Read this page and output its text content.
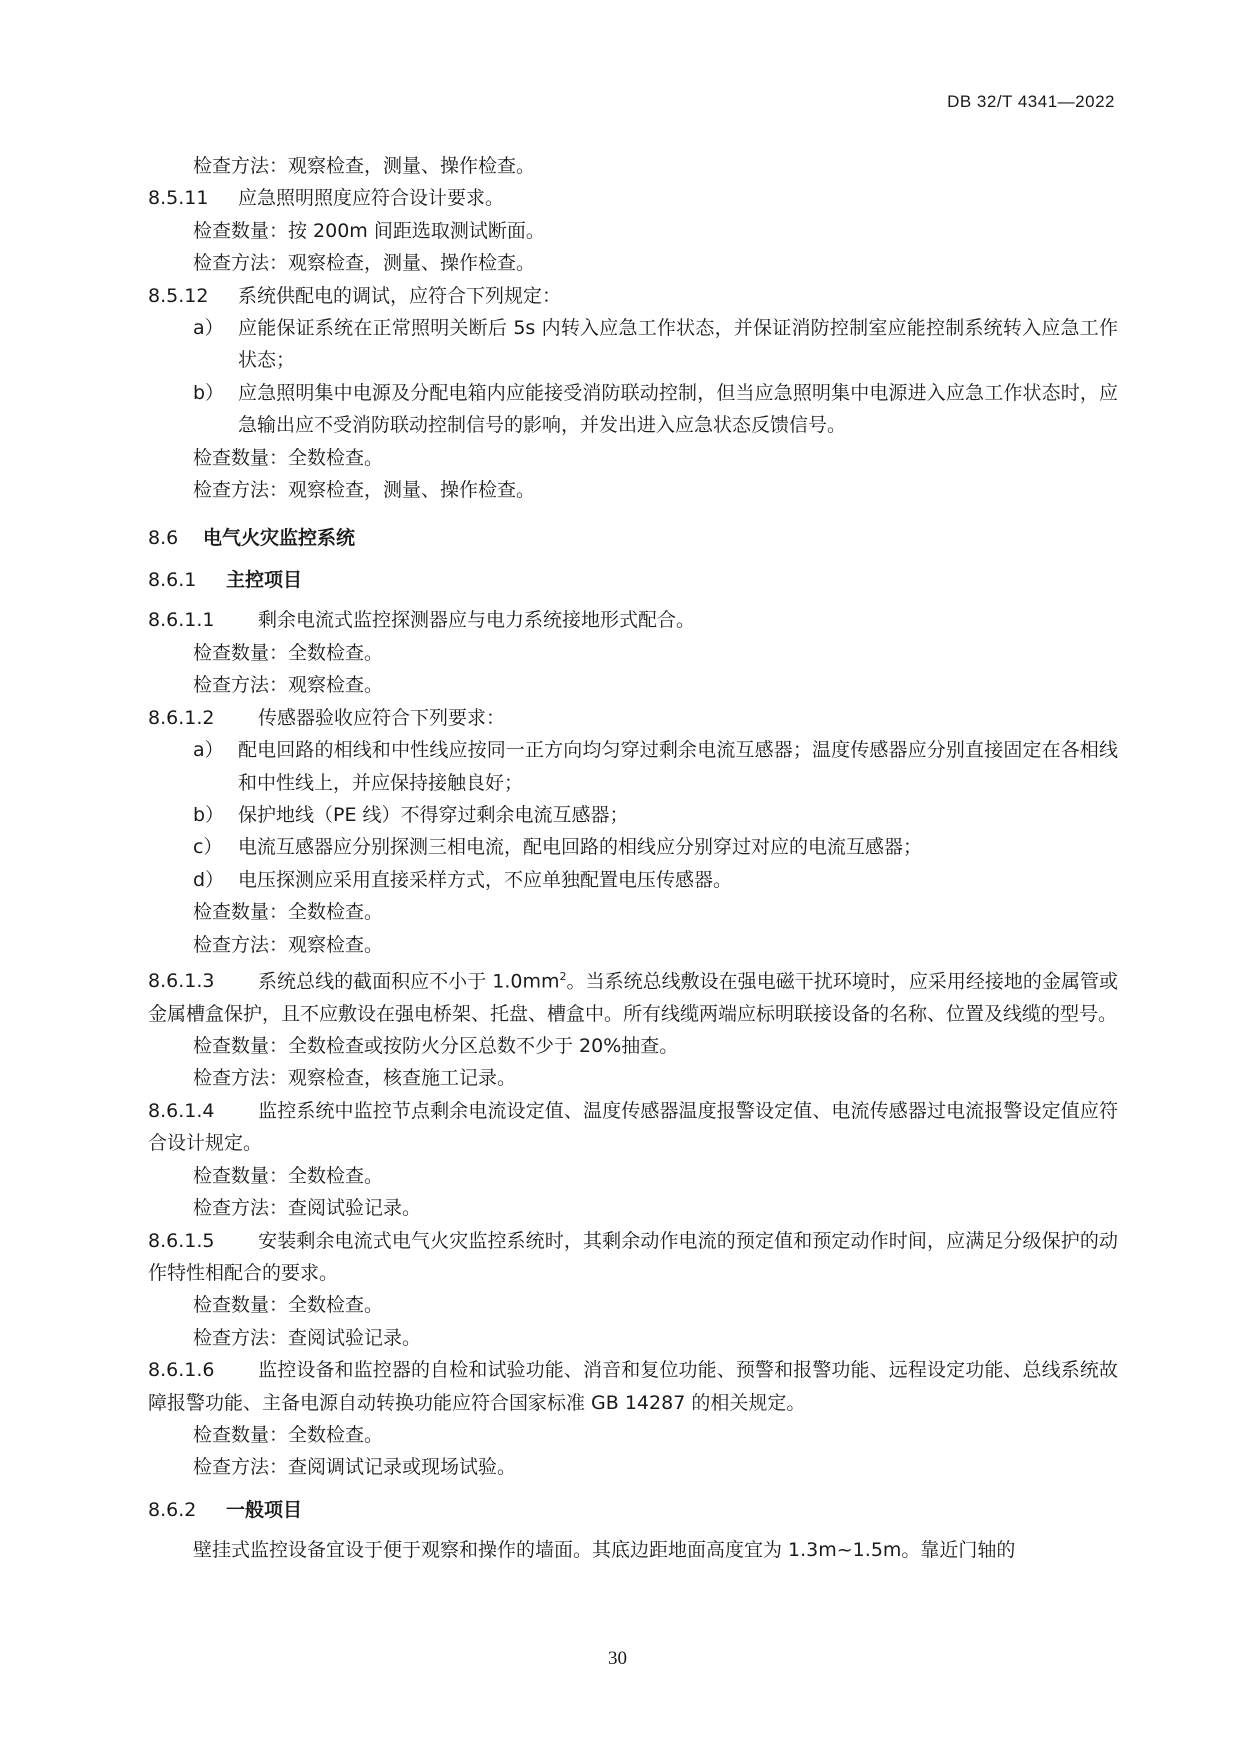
DB 32/T 4341—2022
检查方法：观察检查，测量、操作检查。
8.5.11 应急照明照度应符合设计要求。
检查数量：按 200m 间距选取测试断面。
检查方法：观察检查，测量、操作检查。
8.5.12 系统供配电的调试，应符合下列规定：
a） 应能保证系统在正常照明关断后 5s 内转入应急工作状态，并保证消防控制室应能控制系统转入应急工作状态；
b） 应急照明集中电源及分配电箱内应能接受消防联动控制，但当应急照明集中电源进入应急工作状态时，应急输出应不受消防联动控制信号的影响，并发出进入应急状态反馈信号。
检查数量：全数检查。
检查方法：观察检查，测量、操作检查。
8.6 电气火灾监控系统
8.6.1 主控项目
8.6.1.1 剩余电流式监控探测器应与电力系统接地形式配合。
检查数量：全数检查。
检查方法：观察检查。
8.6.1.2 传感器验收应符合下列要求：
a） 配电回路的相线和中性线应按同一正方向均匀穿过剩余电流互感器；温度传感器应分别直接固定在各相线和中性线上，并应保持接触良好；
b） 保护地线（PE 线）不得穿过剩余电流互感器；
c） 电流互感器应分别探测三相电流，配电回路的相线应分别穿过对应的电流互感器；
d） 电压探测应采用直接采样方式，不应单独配置电压传感器。
检查数量：全数检查。
检查方法：观察检查。
8.6.1.3 系统总线的截面积应不小于 $1.0mm^2$。当系统总线敷设在强电磁干扰环境时，应采用经接地的金属管或金属槽盒保护，且不应敷设在强电桥架、托盘、槽盒中。所有线缆两端应标明联接设备的名称、位置及线缆的型号。
检查数量：全数检查或按防火分区总数不少于 20%抽查。
检查方法：观察检查，核查施工记录。
8.6.1.4 监控系统中监控节点剩余电流设定值、温度传感器温度报警设定值、电流传感器过电流报警设定值应符合设计规定。
检查数量：全数检查。
检查方法：查阅试验记录。
8.6.1.5 安装剩余电流式电气火灾监控系统时，其剩余动作电流的预定值和预定动作时间，应满足分级保护的动作特性相配合的要求。
检查数量：全数检查。
检查方法：查阅试验记录。
8.6.1.6 监控设备和监控器的自检和试验功能、消音和复位功能、预警和报警功能、远程设定功能、总线系统故障报警功能、主备电源自动转换功能应符合国家标准 GB 14287 的相关规定。
检查数量：全数检查。
检查方法：查阅调试记录或现场试验。
8.6.2 一般项目
壁挂式监控设备宜设于便于观察和操作的墙面。其底边距地面高度宜为 1.3m~1.5m。靠近门轴的
30
